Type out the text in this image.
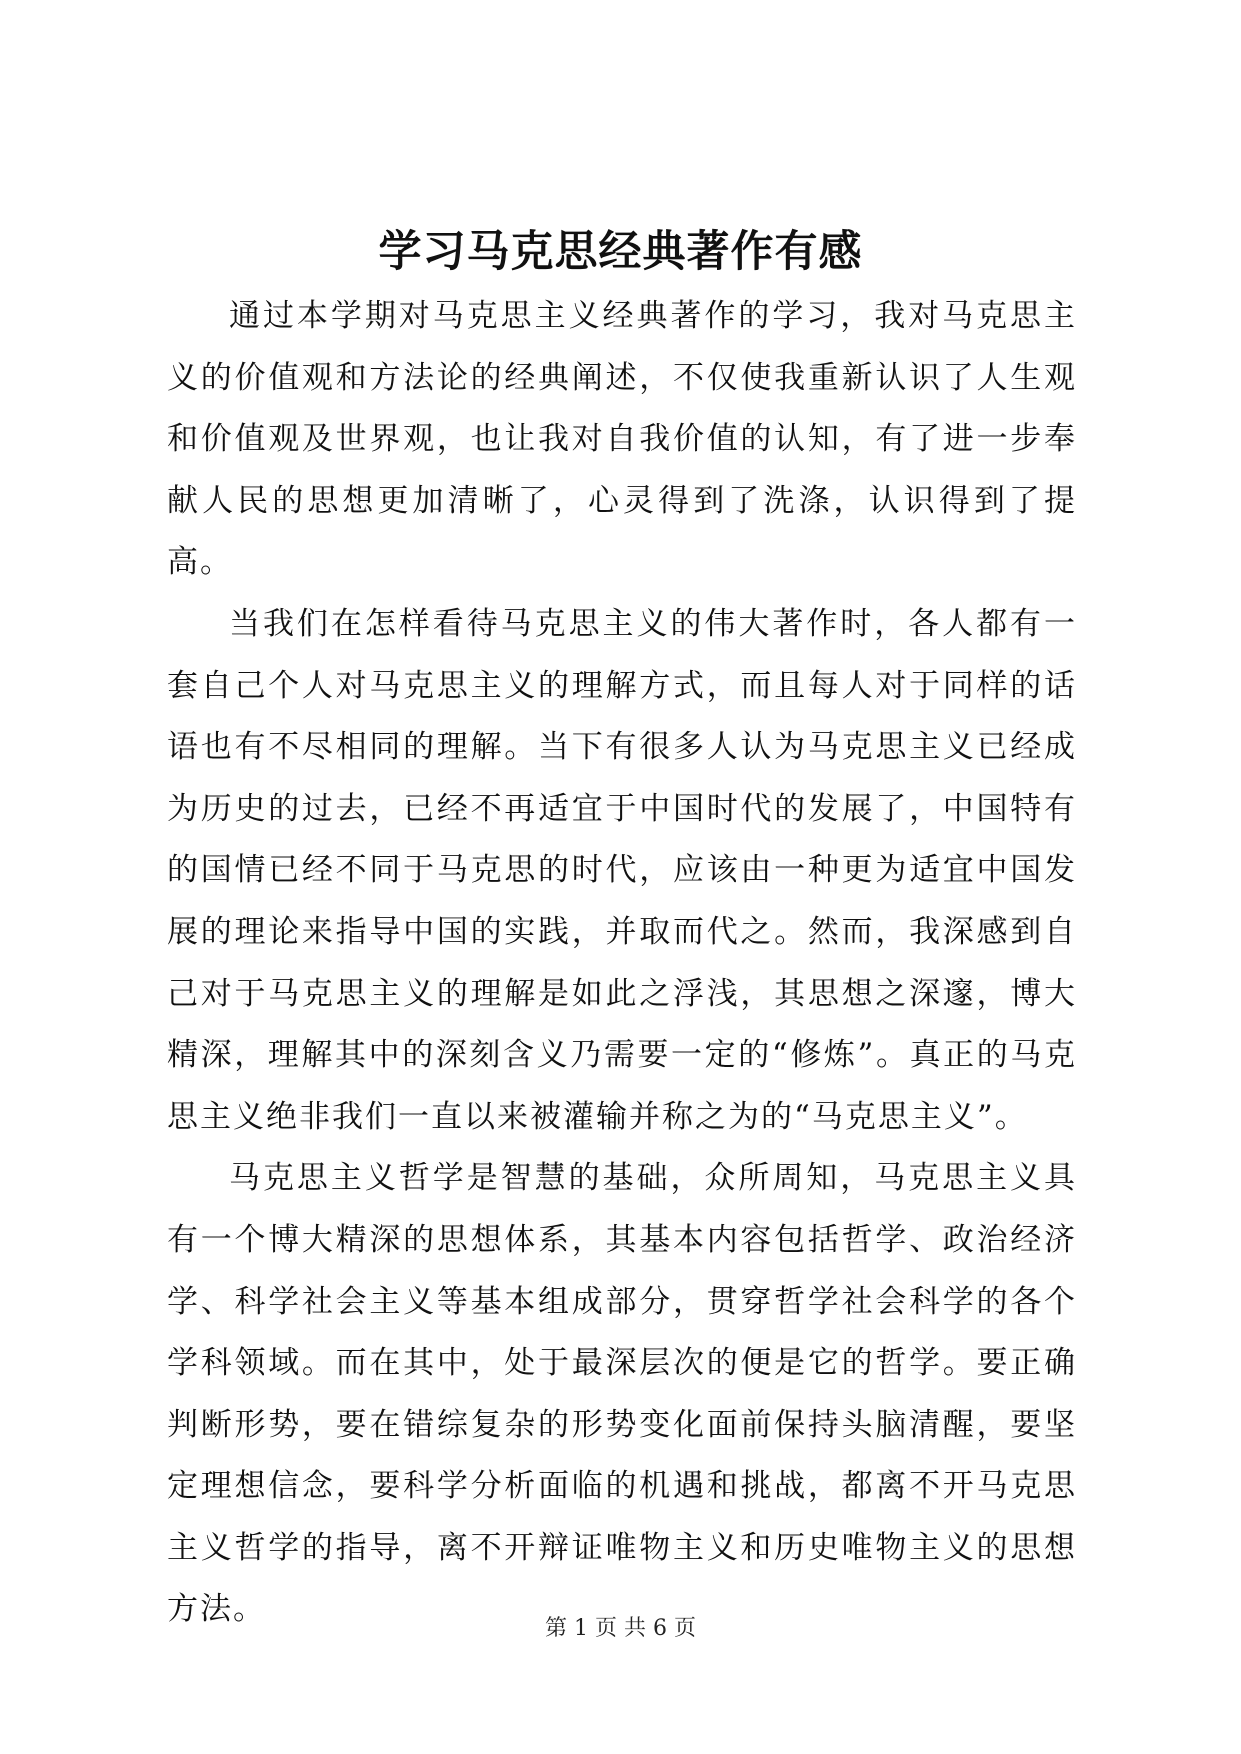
学习马克思经典著作有感

通过本学期对马克思主义经典著作的学习，我对马克思主义的价值观和方法论的经典阐述，不仅使我重新认识了人生观和价值观及世界观，也让我对自我价值的认知，有了进一步奉献人民的思想更加清晰了，心灵得到了洗涤，认识得到了提高。

当我们在怎样看待马克思主义的伟大著作时，各人都有一套自己个人对马克思主义的理解方式，而且每人对于同样的话语也有不尽相同的理解。当下有很多人认为马克思主义已经成为历史的过去，已经不再适宜于中国时代的发展了，中国特有的国情已经不同于马克思的时代，应该由一种更为适宜中国发展的理论来指导中国的实践，并取而代之。然而，我深感到自己对于马克思主义的理解是如此之浮浅，其思想之深邃，博大精深，理解其中的深刻含义乃需要一定的“修炼”。真正的马克思主义绝非我们一直以来被灌输并称之为的“马克思主义”。

马克思主义哲学是智慧的基础，众所周知，马克思主义具有一个博大精深的思想体系，其基本内容包括哲学、政治经济学、科学社会主义等基本组成部分，贯穿哲学社会科学的各个学科领域。而在其中，处于最深层次的便是它的哲学。要正确判断形势，要在错综复杂的形势变化面前保持头脑清醒，要坚定理想信念，要科学分析面临的机遇和挑战，都离不开马克思主义哲学的指导，离不开辩证唯物主义和历史唯物主义的思想方法。

第 1 页 共 6 页
